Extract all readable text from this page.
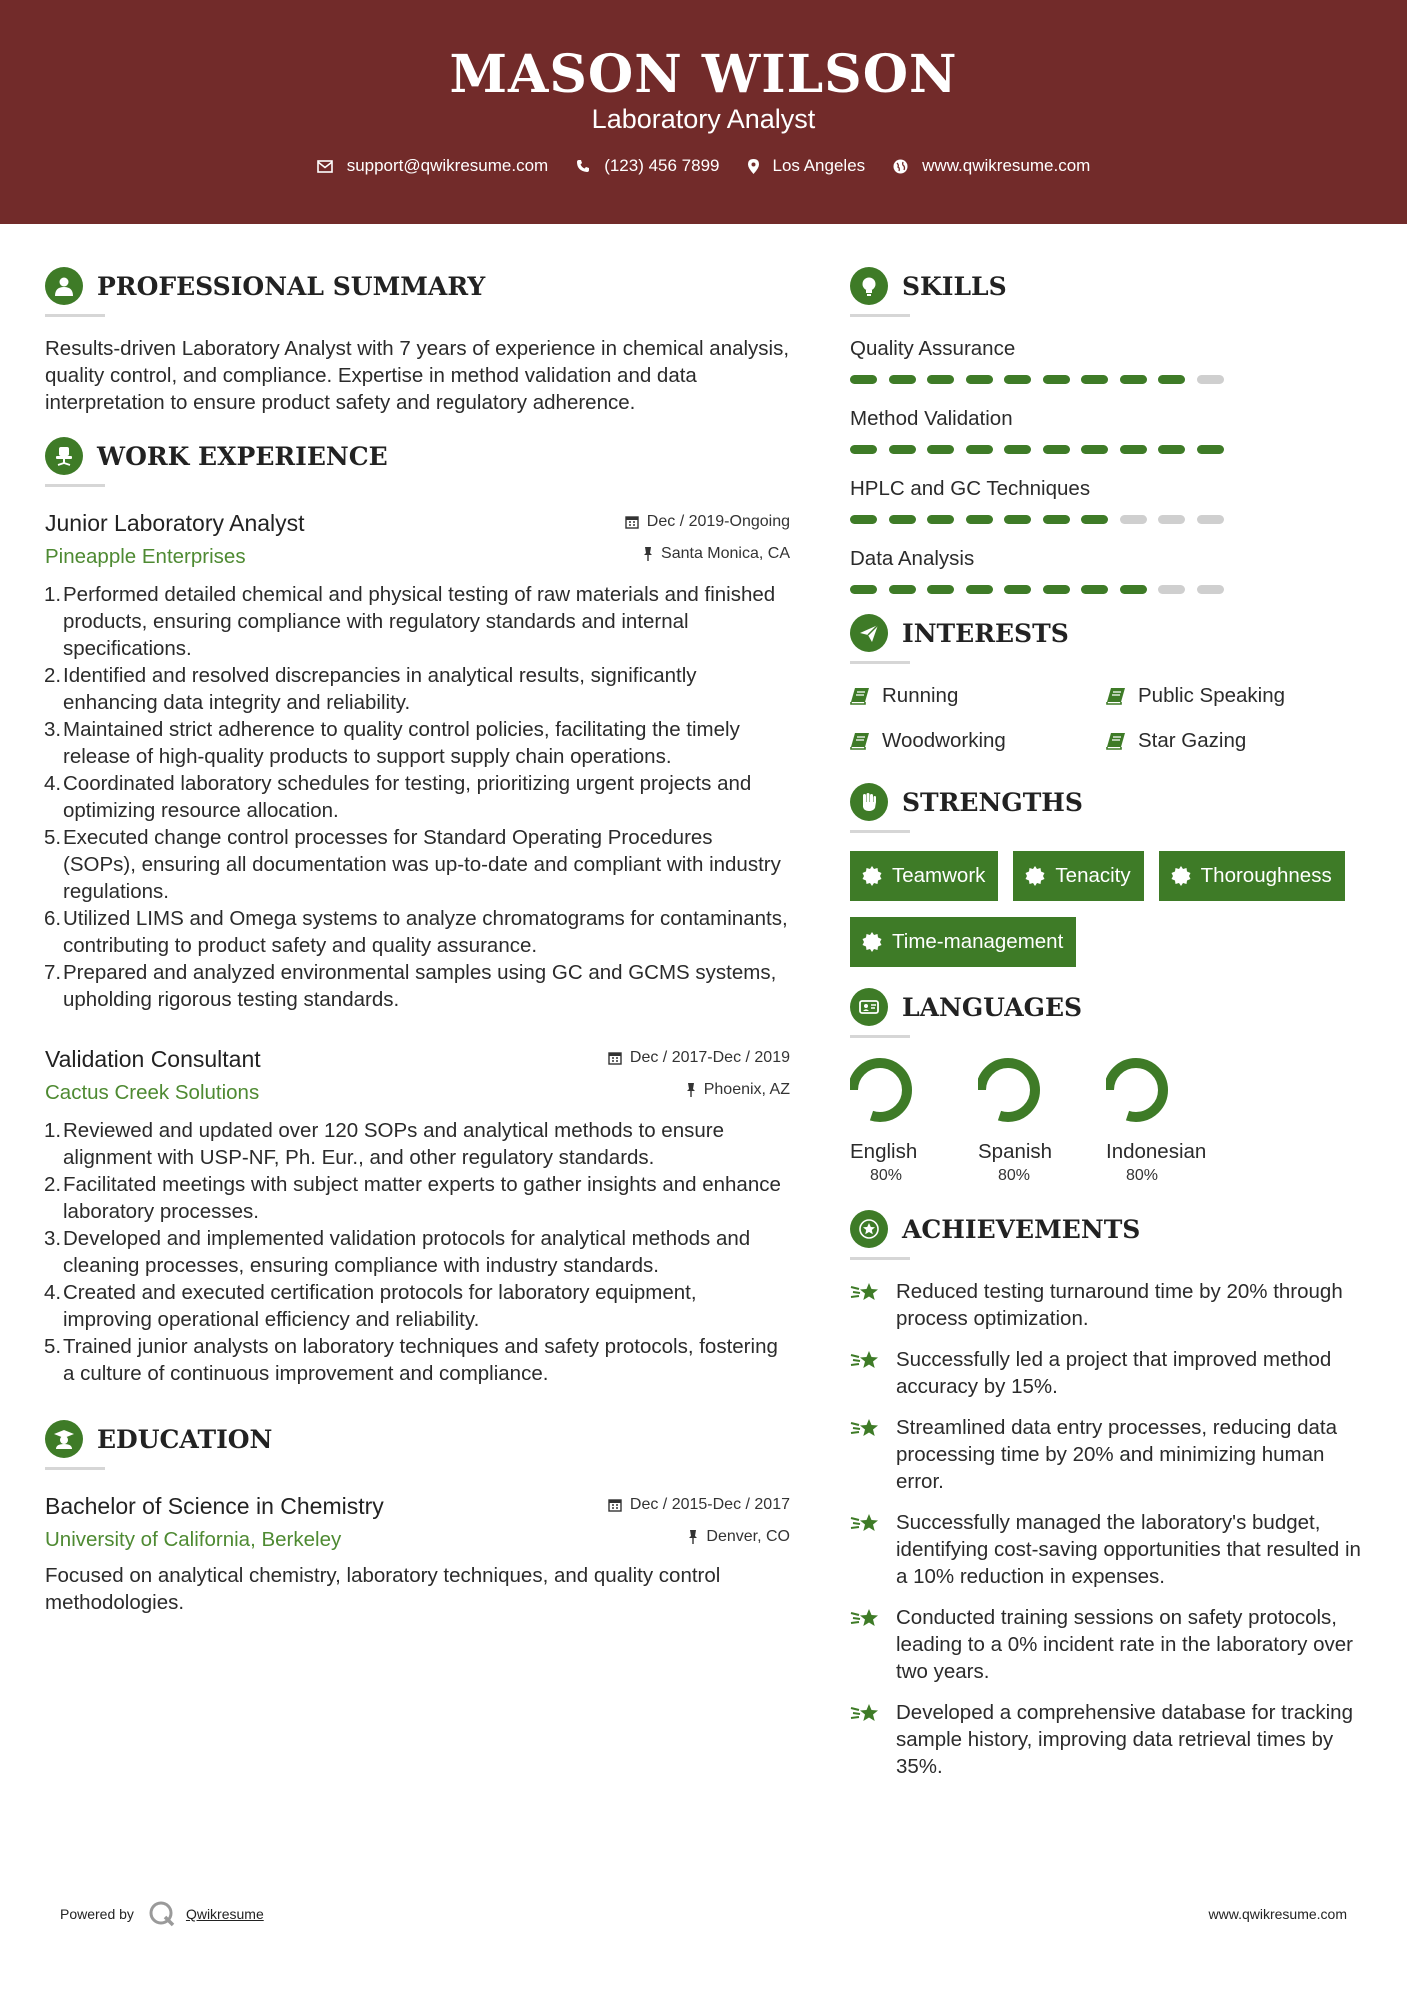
MASON WILSON
Laboratory Analyst
support@qwikresume.com	(123) 456 7899	Los Angeles	www.qwikresume.com
PROFESSIONAL SUMMARY
Results-driven Laboratory Analyst with 7 years of experience in chemical analysis, quality control, and compliance. Expertise in method validation and data interpretation to ensure product safety and regulatory adherence.
WORK EXPERIENCE
Junior Laboratory Analyst
Pineapple Enterprises
Dec / 2019-Ongoing
Santa Monica, CA
1. Performed detailed chemical and physical testing of raw materials and finished products, ensuring compliance with regulatory standards and internal specifications.
2. Identified and resolved discrepancies in analytical results, significantly enhancing data integrity and reliability.
3. Maintained strict adherence to quality control policies, facilitating the timely release of high-quality products to support supply chain operations.
4. Coordinated laboratory schedules for testing, prioritizing urgent projects and optimizing resource allocation.
5. Executed change control processes for Standard Operating Procedures (SOPs), ensuring all documentation was up-to-date and compliant with industry regulations.
6. Utilized LIMS and Omega systems to analyze chromatograms for contaminants, contributing to product safety and quality assurance.
7. Prepared and analyzed environmental samples using GC and GCMS systems, upholding rigorous testing standards.
Validation Consultant
Cactus Creek Solutions
Dec / 2017-Dec / 2019
Phoenix, AZ
1. Reviewed and updated over 120 SOPs and analytical methods to ensure alignment with USP-NF, Ph. Eur., and other regulatory standards.
2. Facilitated meetings with subject matter experts to gather insights and enhance laboratory processes.
3. Developed and implemented validation protocols for analytical methods and cleaning processes, ensuring compliance with industry standards.
4. Created and executed certification protocols for laboratory equipment, improving operational efficiency and reliability.
5. Trained junior analysts on laboratory techniques and safety protocols, fostering a culture of continuous improvement and compliance.
EDUCATION
Bachelor of Science in Chemistry
University of California, Berkeley
Dec / 2015-Dec / 2017
Denver, CO
Focused on analytical chemistry, laboratory techniques, and quality control methodologies.
SKILLS
Quality Assurance
Method Validation
HPLC and GC Techniques
Data Analysis
INTERESTS
Running	Public Speaking
Woodworking	Star Gazing
STRENGTHS
Teamwork	Tenacity	Thoroughness
Time-management
LANGUAGES
English
80%
Spanish
80%
Indonesian
80%
ACHIEVEMENTS
Reduced testing turnaround time by 20% through process optimization.
Successfully led a project that improved method accuracy by 15%.
Streamlined data entry processes, reducing data processing time by 20% and minimizing human error.
Successfully managed the laboratory's budget, identifying cost-saving opportunities that resulted in a 10% reduction in expenses.
Conducted training sessions on safety protocols, leading to a 0% incident rate in the laboratory over two years.
Developed a comprehensive database for tracking sample history, improving data retrieval times by 35%.
Powered by	Qwikresume	www.qwikresume.com
